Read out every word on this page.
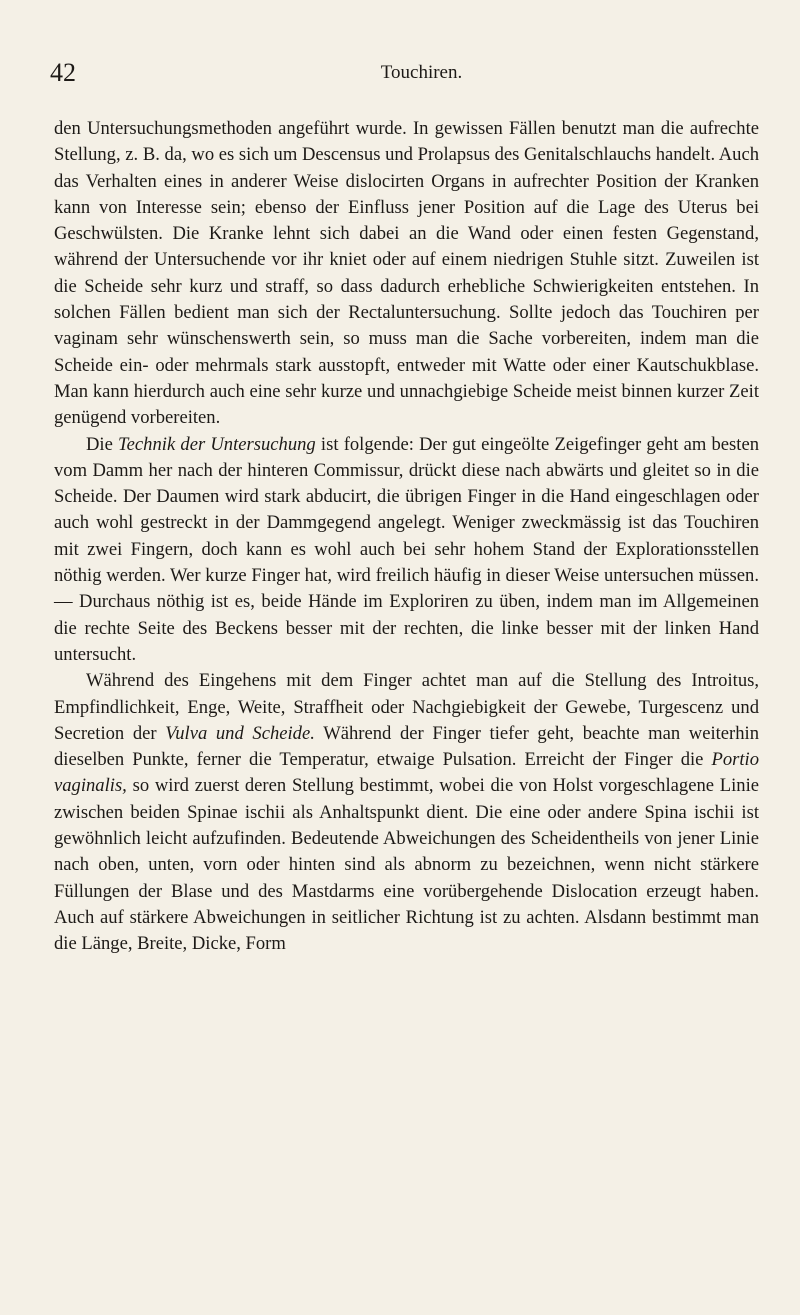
42	Touchiren.

den Untersuchungsmethoden angeführt wurde. In gewissen Fällen benutzt man die aufrechte Stellung, z. B. da, wo es sich um Descensus und Prolapsus des Genitalschlauchs handelt. Auch das Verhalten eines in anderer Weise dislocirten Organs in aufrechter Position der Kranken kann von Interesse sein; ebenso der Einfluss jener Position auf die Lage des Uterus bei Geschwülsten. Die Kranke lehnt sich dabei an die Wand oder einen festen Gegenstand, während der Untersuchende vor ihr kniet oder auf einem niedrigen Stuhle sitzt. Zuweilen ist die Scheide sehr kurz und straff, so dass dadurch erhebliche Schwierigkeiten entstehen. In solchen Fällen bedient man sich der Rectaluntersuchung. Sollte jedoch das Touchiren per vaginam sehr wünschenswerth sein, so muss man die Sache vorbereiten, indem man die Scheide ein- oder mehrmals stark ausstopft, entweder mit Watte oder einer Kautschukblase. Man kann hierdurch auch eine sehr kurze und unnachgiebige Scheide meist binnen kurzer Zeit genügend vorbereiten.

Die Technik der Untersuchung ist folgende: Der gut eingeölte Zeigefinger geht am besten vom Damm her nach der hinteren Commissur, drückt diese nach abwärts und gleitet so in die Scheide. Der Daumen wird stark abducirt, die übrigen Finger in die Hand eingeschlagen oder auch wohl gestreckt in der Dammgegend angelegt. Weniger zweckmässig ist das Touchiren mit zwei Fingern, doch kann es wohl auch bei sehr hohem Stand der Explorationsstellen nöthig werden. Wer kurze Finger hat, wird freilich häufig in dieser Weise untersuchen müssen. — Durchaus nöthig ist es, beide Hände im Exploriren zu üben, indem man im Allgemeinen die rechte Seite des Beckens besser mit der rechten, die linke besser mit der linken Hand untersucht.

Während des Eingehens mit dem Finger achtet man auf die Stellung des Introitus, Empfindlichkeit, Enge, Weite, Straffheit oder Nachgiebigkeit der Gewebe, Turgescenz und Secretion der Vulva und Scheide. Während der Finger tiefer geht, beachte man weiterhin dieselben Punkte, ferner die Temperatur, etwaige Pulsation. Erreicht der Finger die Portio vaginalis, so wird zuerst deren Stellung bestimmt, wobei die von Holst vorgeschlagene Linie zwischen beiden Spinae ischii als Anhaltspunkt dient. Die eine oder andere Spina ischii ist gewöhnlich leicht aufzufinden. Bedeutende Abweichungen des Scheidentheils von jener Linie nach oben, unten, vorn oder hinten sind als abnorm zu bezeichnen, wenn nicht stärkere Füllungen der Blase und des Mastdarms eine vorübergehende Dislocation erzeugt haben. Auch auf stärkere Abweichungen in seitlicher Richtung ist zu achten. Alsdann bestimmt man die Länge, Breite, Dicke, Form
